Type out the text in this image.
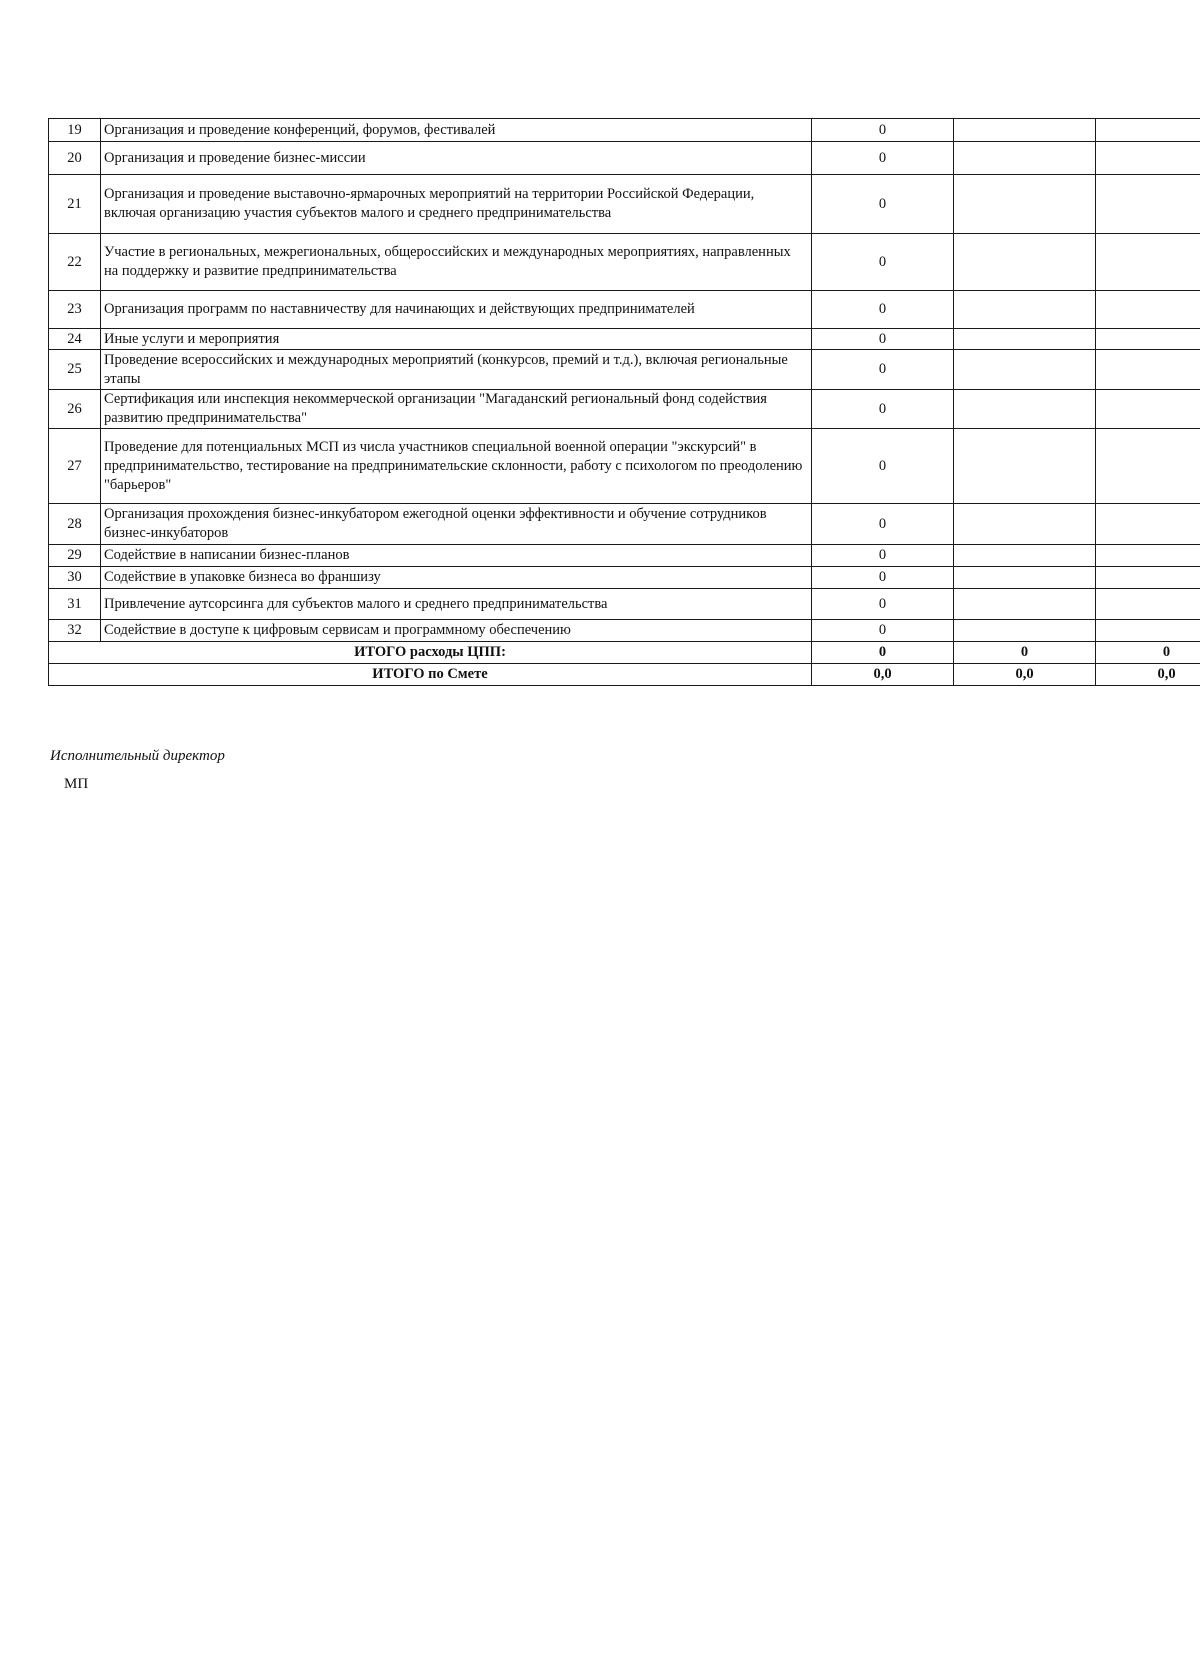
19	Организация и проведение конференций, форумов, фестивалей	0		
20	Организация и проведение бизнес-миссии	0		
21	Организация и проведение выставочно-ярмарочных мероприятий на территории Российской Федерации, включая организацию участия субъектов малого и среднего предпринимательства	0		
22	Участие в региональных, межрегиональных, общероссийских и международных мероприятиях, направленных на поддержку и развитие предпринимательства	0		
23	Организация программ по наставничеству для начинающих и действующих предпринимателей	0		
24	Иные услуги и мероприятия	0		
25	Проведение всероссийских и международных мероприятий (конкурсов, премий и т.д.), включая региональные этапы	0		
26	Сертификация или инспекция некоммерческой организации "Магаданский региональный фонд содействия развитию предпринимательства"	0		
27	Проведение для потенциальных МСП из числа участников специальной военной операции "экскурсий" в предпринимательство, тестирование на предпринимательские склонности, работу с психологом по преодолению "барьеров"	0		
28	Организация прохождения бизнес-инкубатором ежегодной оценки эффективности и обучение сотрудников бизнес-инкубаторов	0		
29	Содействие в написании бизнес-планов	0		
30	Содействие в упаковке бизнеса во франшизу	0		
31	Привлечение аутсорсинга для субъектов малого и среднего предпринимательства	0		
32	Содействие в доступе к цифровым сервисам и программному обеспечению	0		
ИТОГО расходы ЦПП:		0	0	0
ИТОГО по Смете		0,0	0,0	0,0
Исполнительный директор
МП
